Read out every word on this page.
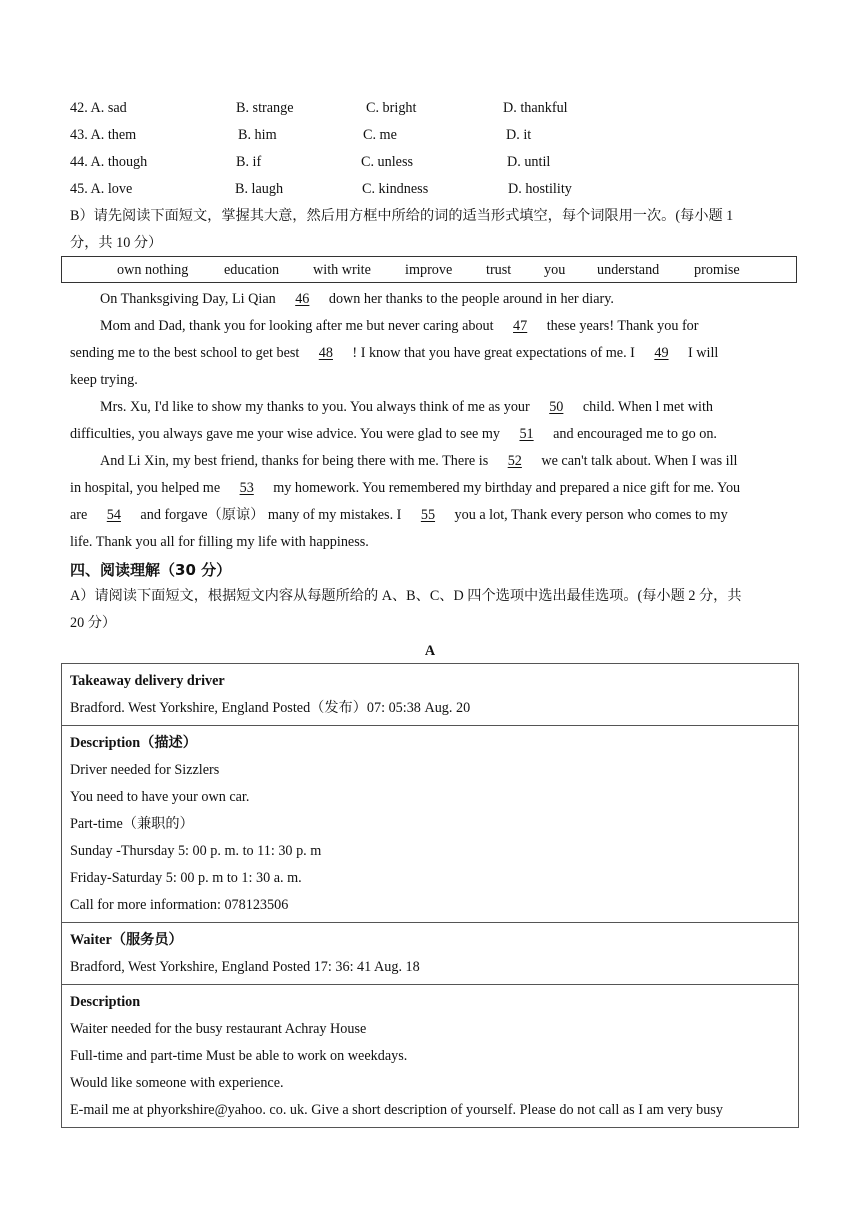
42. A. sad	B. strange	C. bright	D. thankful
43. A. them	B. him	C. me	D. it
44. A. though	B. if	C. unless	D. until
45. A. love	B. laugh	C. kindness	D. hostility
B）请先阅读下面短文，掌握其大意，然后用方框中所给的词的适当形式填空，每个词限用一次。(每小题 1
分，共 10 分）
own nothing	education with write improve trust you understand promise
On Thanksgiving Day, Li Qian 46 down her thanks to the people around in her diary.
Mom and Dad, thank you for looking after me but never caring about 47 these years! Thank you for
sending me to the best school to get best 48 ! I know that you have great expectations of me. I 49 I will
keep trying.
Mrs. Xu, I'd like to show my thanks to you. You always think of me as your 50 child. When l met with
difficulties, you always gave me your wise advice. You were glad to see my 51 and encouraged me to go on.
And Li Xin, my best friend, thanks for being there with me. There is 52 we can't talk about. When I was ill
in hospital, you helped me 53 my homework. You remembered my birthday and prepared a nice gift for me. You
are 54 and forgave（原谅） many of my mistakes. I 55 you a lot, Thank every person who comes to my
life. Thank you all for filling my life with happiness.
四、阅读理解（30 分）
A）请阅读下面短文，根据短文内容从每题所给的 A、B、C、D 四个选项中选出最佳选项。(每小题 2 分，共
20 分）
A
Takeaway delivery driver
Bradford. West Yorkshire, England Posted（发布）07: 05:38 Aug. 20
Description（描述）
Driver needed for Sizzlers
You need to have your own car.
Part-time（兼职的）
Sunday -Thursday 5: 00 p. m. to 11: 30 p. m
Friday-Saturday 5: 00 p. m to 1: 30 a. m.
Call for more information: 078123506
Waiter（服务员）
Bradford, West Yorkshire, England Posted 17: 36: 41 Aug. 18
Description
Waiter needed for the busy restaurant Achray House
Full-time and part-time Must be able to work on weekdays.
Would like someone with experience.
E-mail me at phyorkshire@yahoo. co. uk. Give a short description of yourself. Please do not call as I am very busy
